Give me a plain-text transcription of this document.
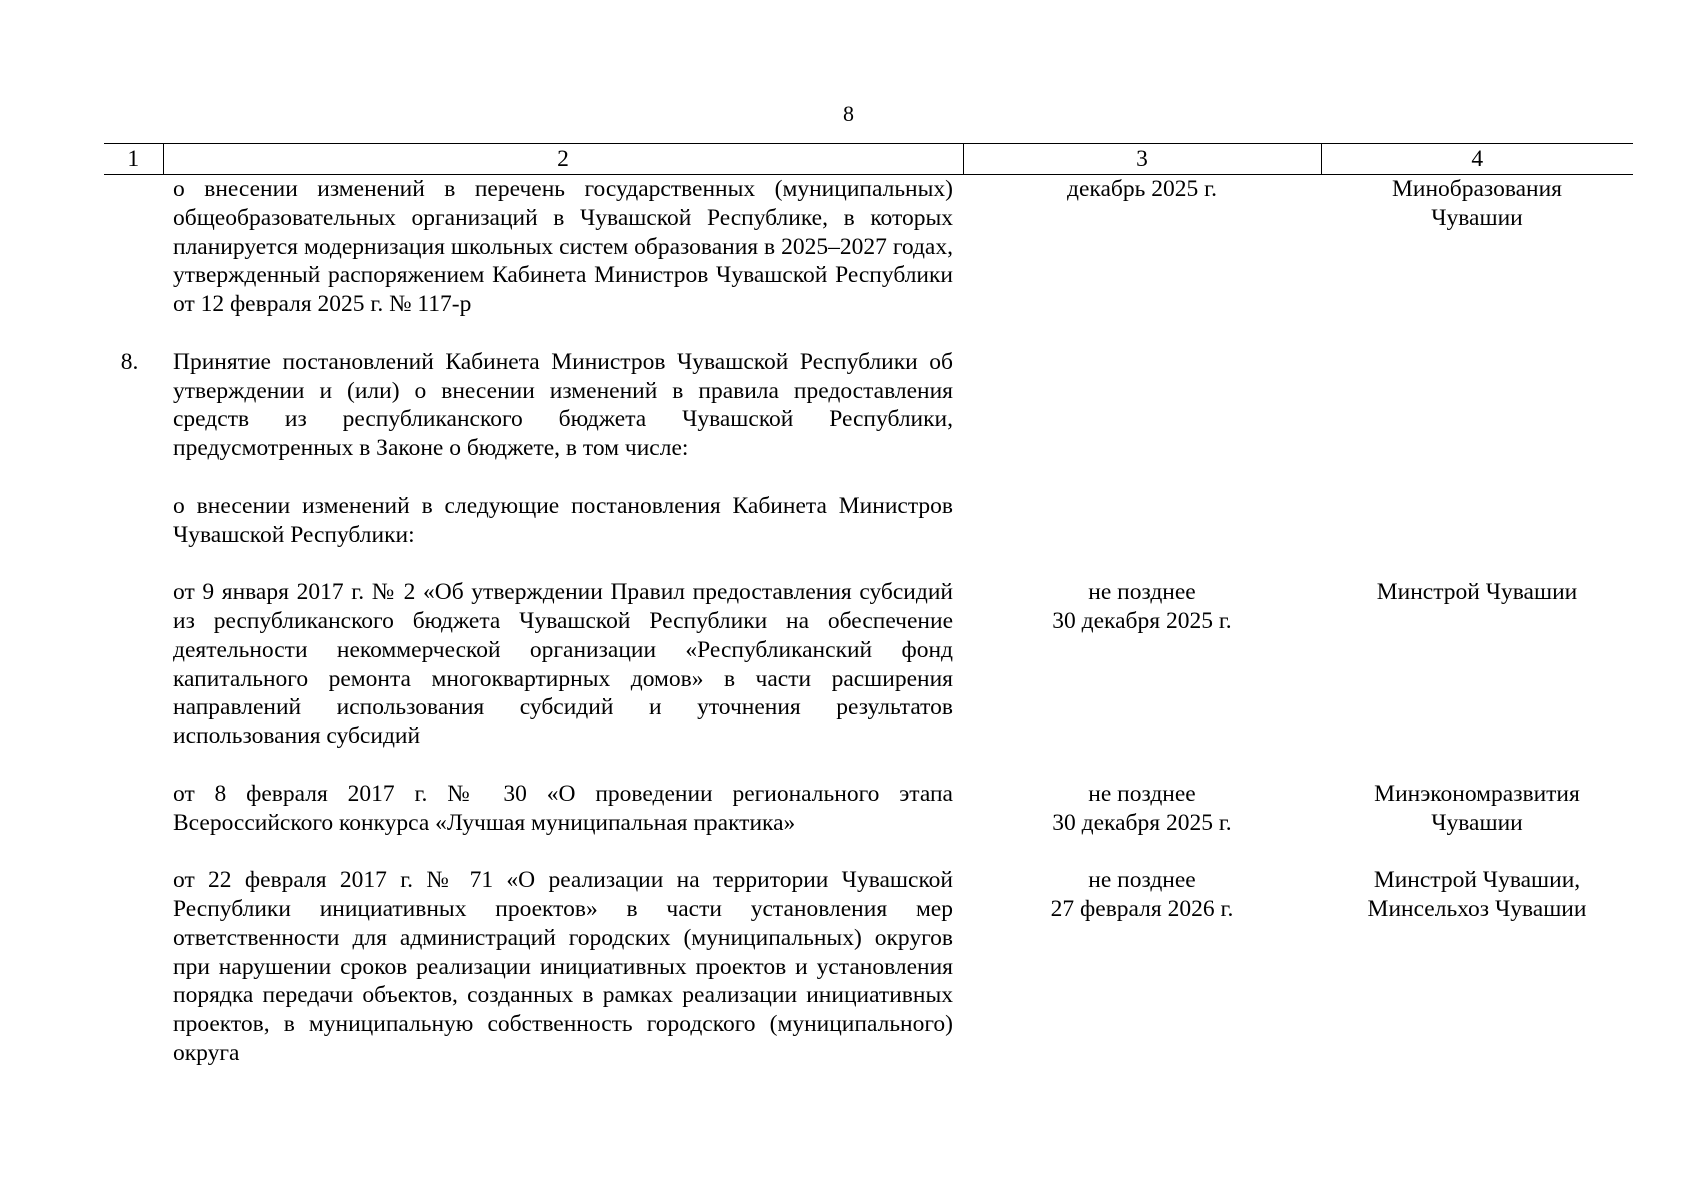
8
1	2	3	4
	о внесении изменений в перечень государственных (муниципальных) общеобразовательных организаций в Чувашской Республике, в которых планируется модернизация школьных систем образования в 2025–2027 годах, утвержденный распоряжением Кабинета Министров Чувашской Республики от 12 февраля 2025 г. № 117-р	декабрь 2025 г.	Минобразования
Чувашии

8.	Принятие постановлений Кабинета Министров Чувашской Республики об утверждении и (или) о внесении изменений в правила предоставления средств из республиканского бюджета Чувашской Республики, предусмотренных в Законе о бюджете, в том числе:		
	о внесении изменений в следующие постановления Кабинета Министров Чувашской Республики:		
	от 9 января 2017 г. № 2 «Об утверждении Правил предоставления субсидий из республиканского бюджета Чувашской Республики на обеспечение деятельности некоммерческой организации «Республиканский фонд капитального ремонта многоквартирных домов» в части расширения направлений использования субсидий и уточнения результатов использования субсидий	не позднее
30 декабря 2025 г.	Минстрой Чувашии

	от 8 февраля 2017 г. № 30 «О проведении регионального этапа Всероссийского конкурса «Лучшая муниципальная практика»	не позднее
30 декабря 2025 г.	Минэкономразвития
Чувашии

	от 22 февраля 2017 г. № 71 «О реализации на территории Чувашской Республики инициативных проектов» в части установления мер ответственности для администраций городских (муниципальных) округов при нарушении сроков реализации инициативных проектов и установления порядка передачи объектов, созданных в рамках реализации инициативных проектов, в муниципальную собственность городского (муниципального) округа	не позднее
27 февраля 2026 г.	Минстрой Чувашии,
Минсельхоз Чувашии
